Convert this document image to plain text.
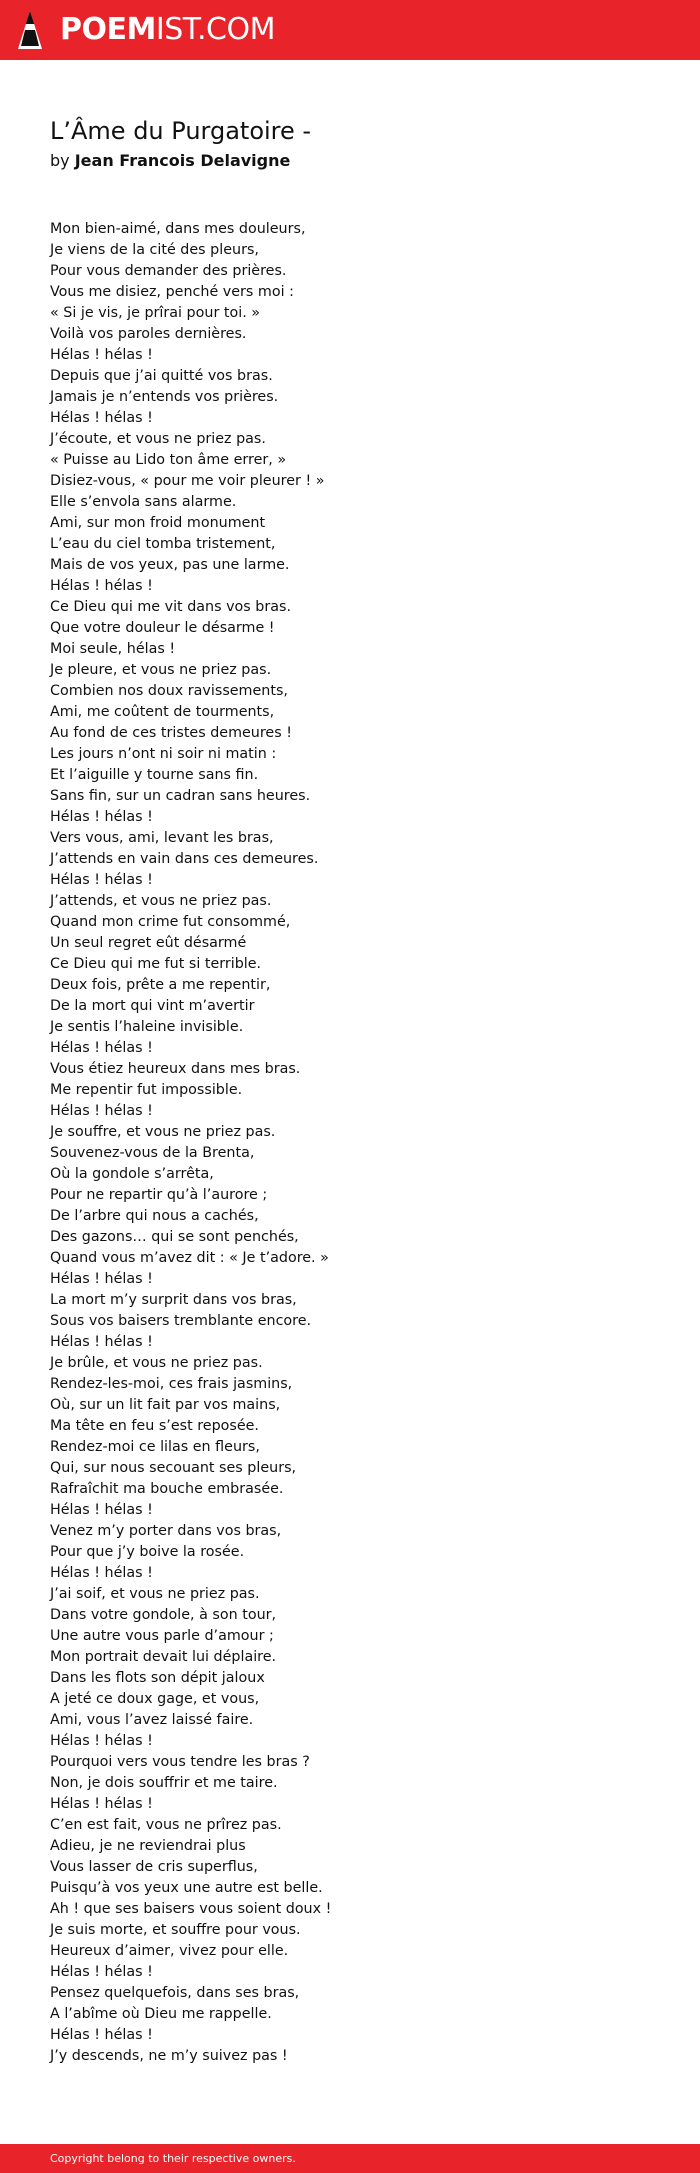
POEMIST.COM
L’Âme du Purgatoire -

by Jean Francois Delavigne

Mon bien-aimé, dans mes douleurs,
Je viens de la cité des pleurs,
Pour vous demander des prières.
Vous me disiez, penché vers moi :
« Si je vis, je prîrai pour toi. »
Voilà vos paroles dernières.
Hélas ! hélas !
Depuis que j’ai quitté vos bras.
Jamais je n’entends vos prières.
Hélas ! hélas !
J’écoute, et vous ne priez pas.
« Puisse au Lido ton âme errer, »
Disiez-vous, « pour me voir pleurer ! »
Elle s’envola sans alarme.
Ami, sur mon froid monument
L’eau du ciel tomba tristement,
Mais de vos yeux, pas une larme.
Hélas ! hélas !
Ce Dieu qui me vit dans vos bras.
Que votre douleur le désarme !
Moi seule, hélas !
Je pleure, et vous ne priez pas.
Combien nos doux ravissements,
Ami, me coûtent de tourments,
Au fond de ces tristes demeures !
Les jours n’ont ni soir ni matin :
Et l’aiguille y tourne sans fin.
Sans fin, sur un cadran sans heures.
Hélas ! hélas !
Vers vous, ami, levant les bras,
J’attends en vain dans ces demeures.
Hélas ! hélas !
J’attends, et vous ne priez pas.
Quand mon crime fut consommé,
Un seul regret eût désarmé
Ce Dieu qui me fut si terrible.
Deux fois, prête a me repentir,
De la mort qui vint m’avertir
Je sentis l’haleine invisible.
Hélas ! hélas !
Vous étiez heureux dans mes bras.
Me repentir fut impossible.
Hélas ! hélas !
Je souffre, et vous ne priez pas.
Souvenez-vous de la Brenta,
Où la gondole s’arrêta,
Pour ne repartir qu’à l’aurore ;
De l’arbre qui nous a cachés,
Des gazons… qui se sont penchés,
Quand vous m’avez dit : « Je t’adore. »
Hélas ! hélas !
La mort m’y surprit dans vos bras,
Sous vos baisers tremblante encore.
Hélas ! hélas !
Je brûle, et vous ne priez pas.
Rendez-les-moi, ces frais jasmins,
Où, sur un lit fait par vos mains,
Ma tête en feu s’est reposée.
Rendez-moi ce lilas en fleurs,
Qui, sur nous secouant ses pleurs,
Rafraîchit ma bouche embrasée.
Hélas ! hélas !
Venez m’y porter dans vos bras,
Pour que j’y boive la rosée.
Hélas ! hélas !
J’ai soif, et vous ne priez pas.
Dans votre gondole, à son tour,
Une autre vous parle d’amour ;
Mon portrait devait lui déplaire.
Dans les flots son dépit jaloux
A jeté ce doux gage, et vous,
Ami, vous l’avez laissé faire.
Hélas ! hélas !
Pourquoi vers vous tendre les bras ?
Non, je dois souffrir et me taire.
Hélas ! hélas !
C’en est fait, vous ne prîrez pas.
Adieu, je ne reviendrai plus
Vous lasser de cris superflus,
Puisqu’à vos yeux une autre est belle.
Ah ! que ses baisers vous soient doux !
Je suis morte, et souffre pour vous.
Heureux d’aimer, vivez pour elle.
Hélas ! hélas !
Pensez quelquefois, dans ses bras,
A l’abîme où Dieu me rappelle.
Hélas ! hélas !
J’y descends, ne m’y suivez pas !
Copyright belong to their respective owners.
